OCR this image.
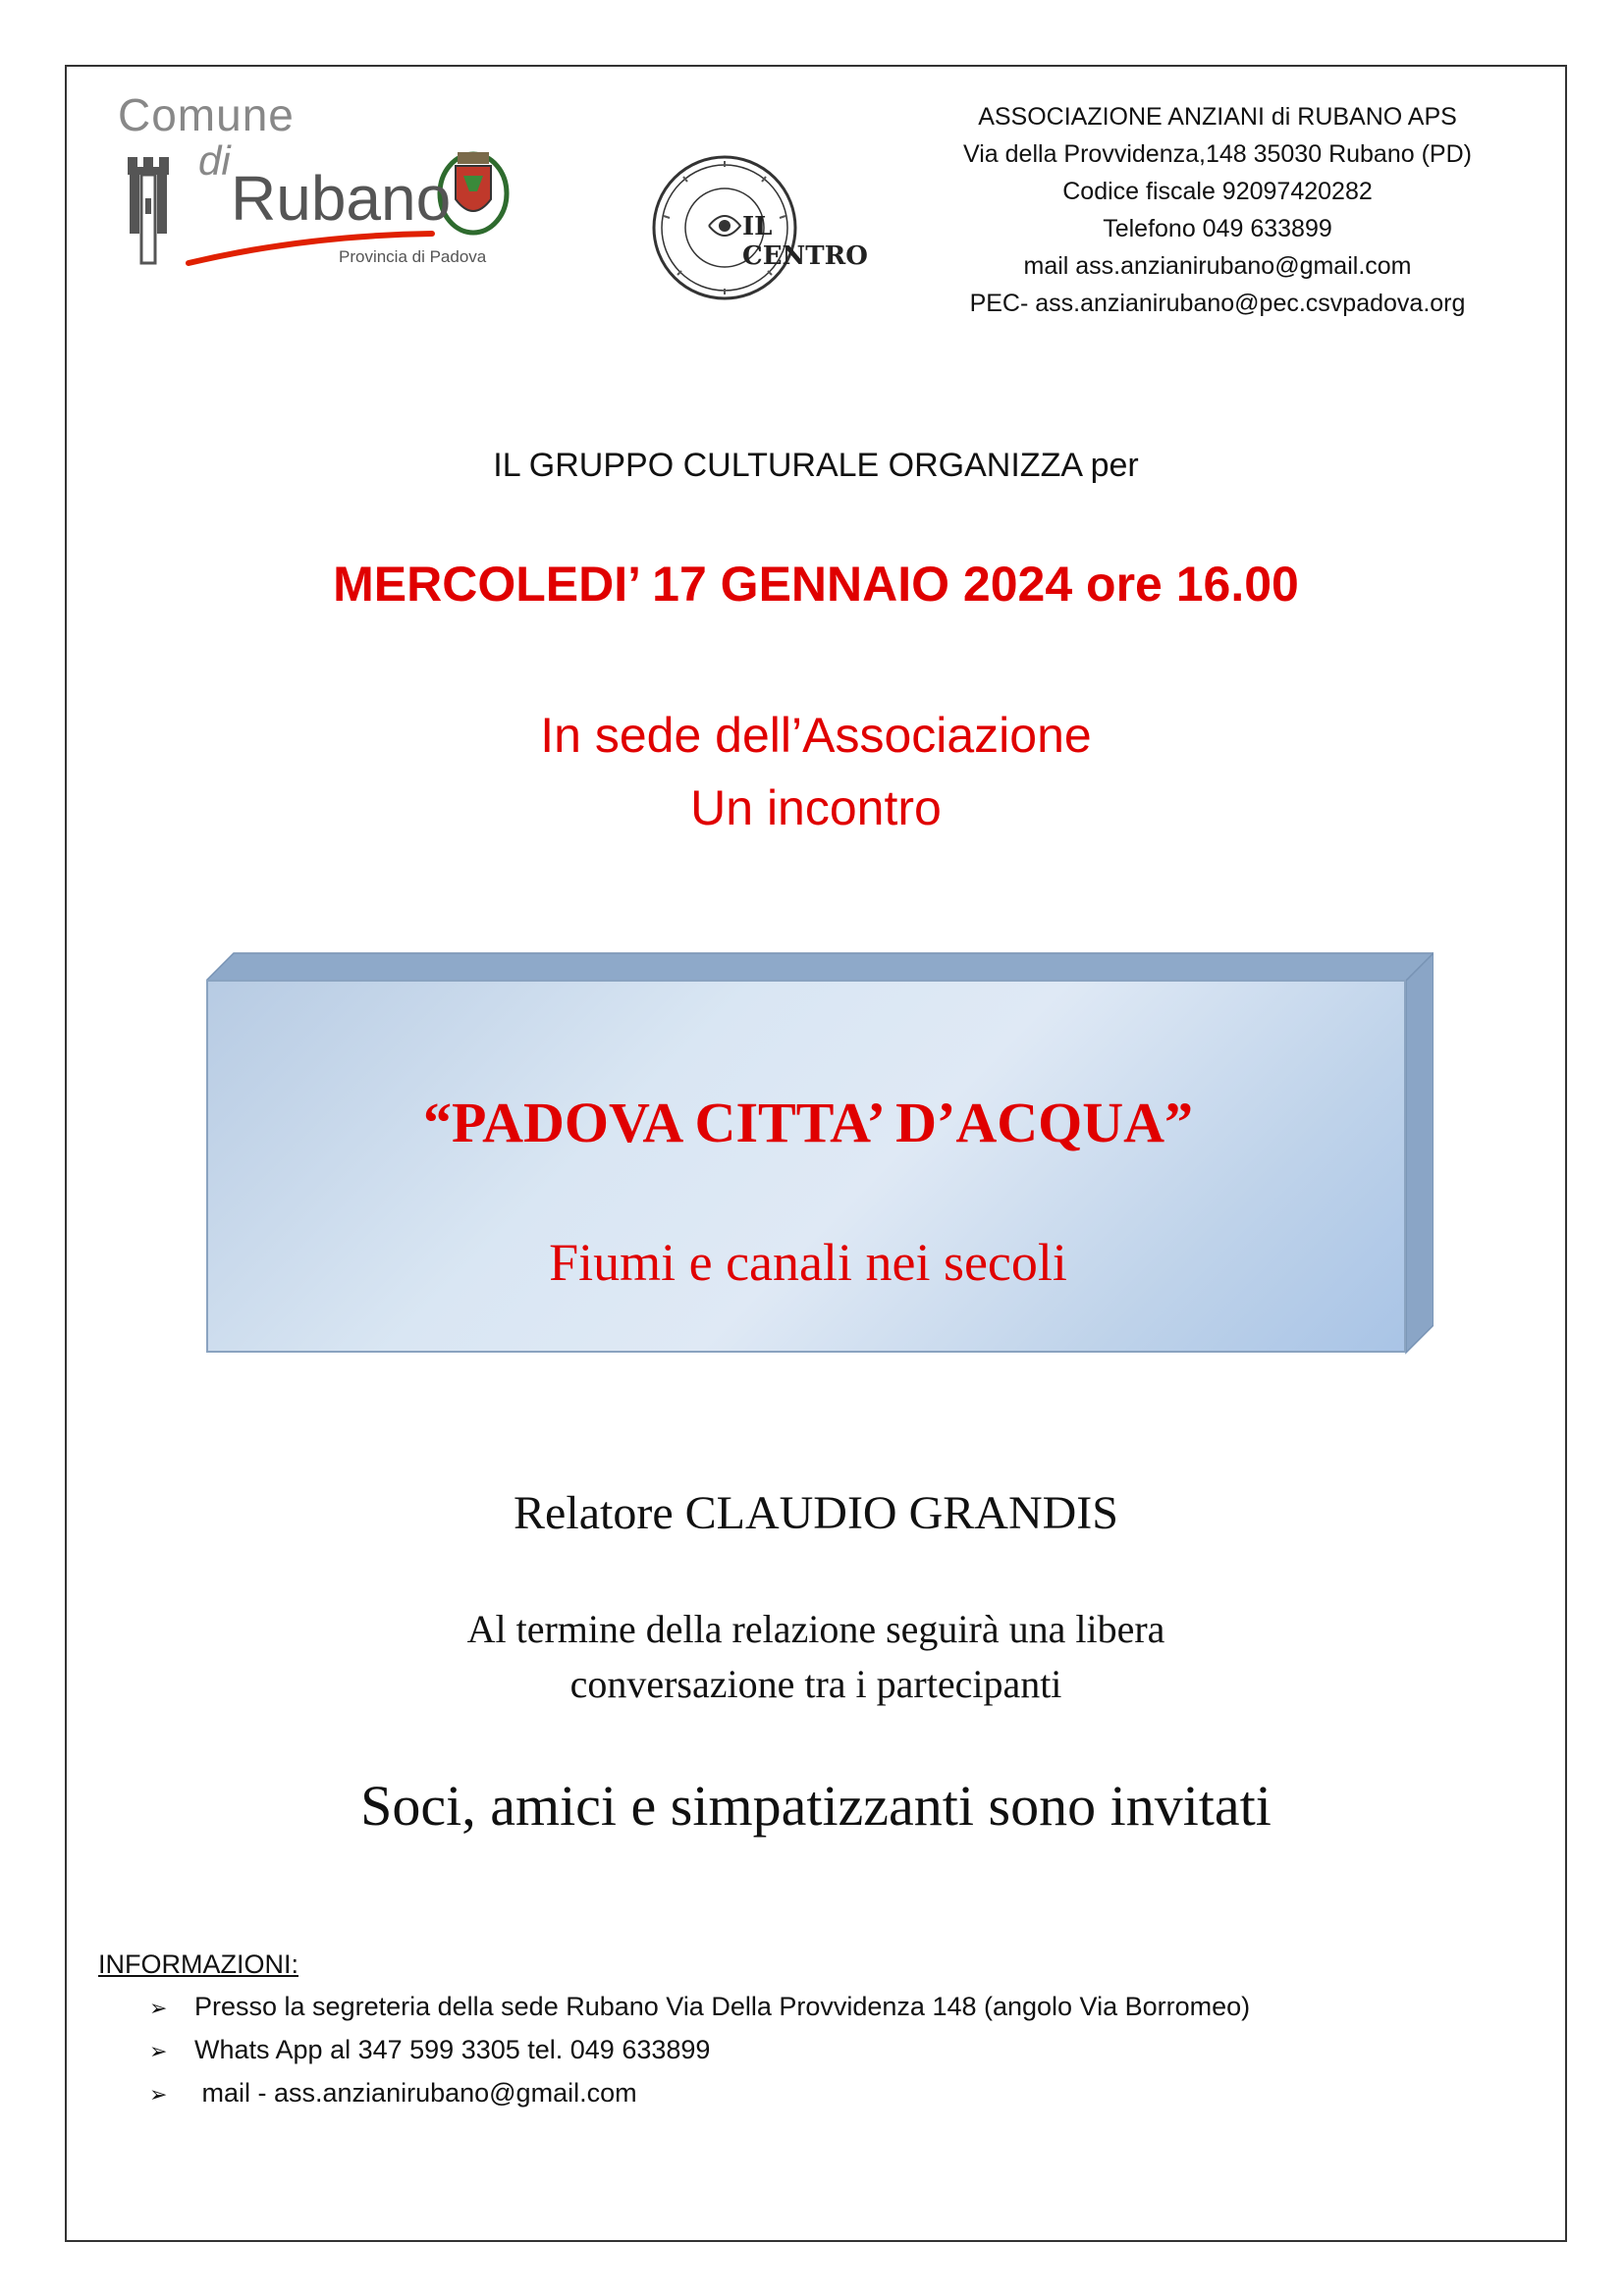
Comune
di
Rubano
Provincia di Padova
IL CENTRO
ASSOCIAZIONE ANZIANI di RUBANO APS
Via della Provvidenza,148 35030 Rubano (PD)
Codice fiscale 92097420282
Telefono 049 633899
mail ass.anzianirubano@gmail.com
PEC- ass.anzianirubano@pec.csvpadova.org
IL GRUPPO CULTURALE ORGANIZZA per
MERCOLEDI’ 17 GENNAIO 2024 ore 16.00
In sede dell’Associazione
Un incontro
“PADOVA CITTA’ D’ACQUA”
Fiumi e canali nei secoli
Relatore CLAUDIO GRANDIS
Al termine della relazione seguirà una libera
conversazione tra i partecipanti
Soci, amici e simpatizzanti sono invitati
INFORMAZIONI:
➢ Presso la segreteria della sede Rubano Via Della Provvidenza 148 (angolo Via Borromeo)
➢ Whats App al 347 599 3305 tel. 049 633899
➢ mail - ass.anzianirubano@gmail.com
